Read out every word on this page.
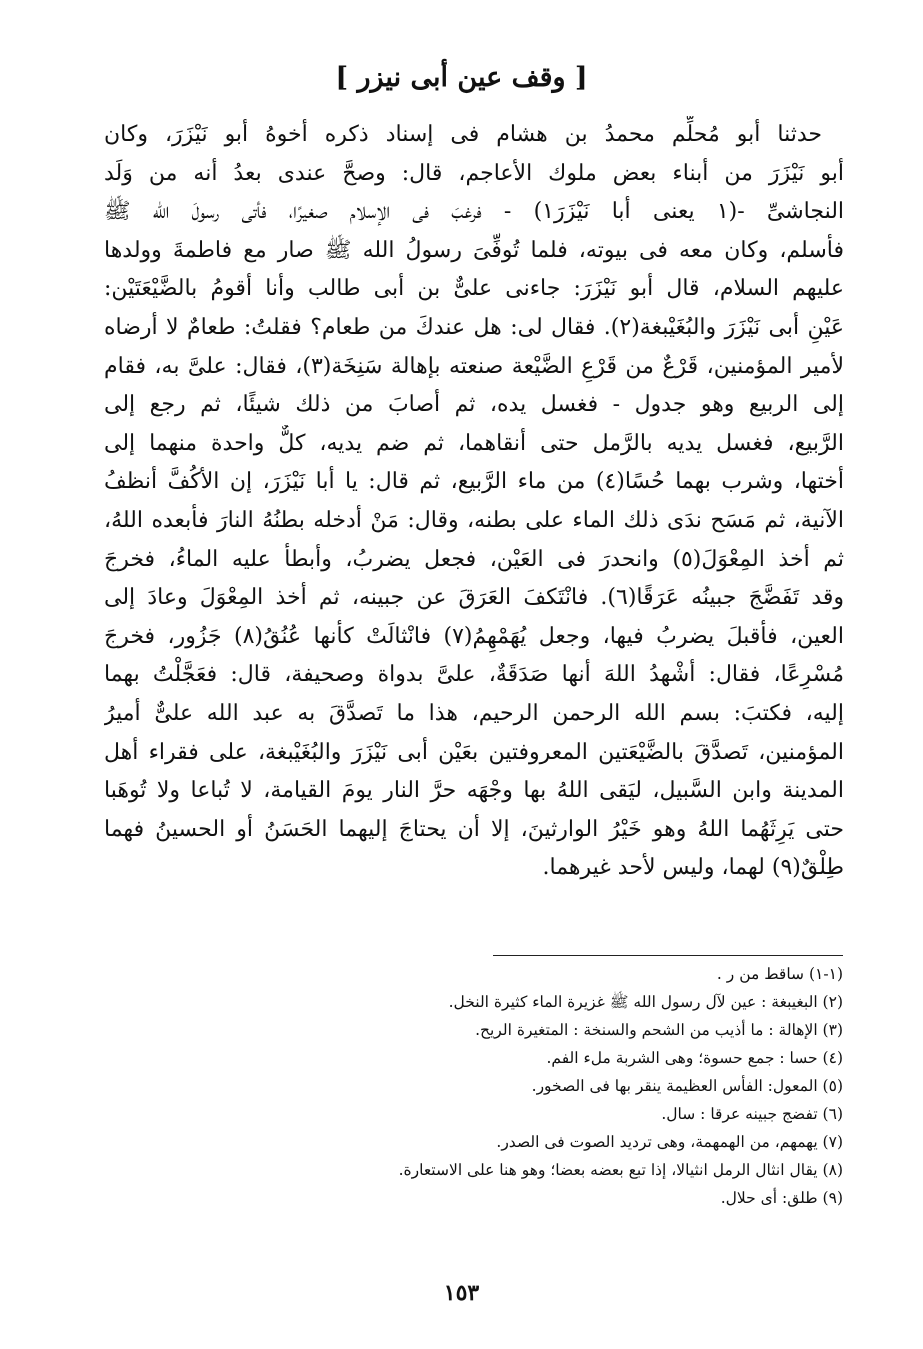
[ وقف عين أبى نيزر ]
حدثنا أبو مُحلِّم محمدُ بن هشام فى إسناد ذكره أخوهُ أبو نَيْزَرَ، وكان
أبو نَيْزَرَ من أبناء بعض ملوك الأعاجم، قال: وصحَّ عندى بعدُ أنه من وَلَد
النجاشىِّ -(١ يعنى أبا نَيْزَرَ١) - فرغبَ فى الإسلام صغيرًا، فأتى رسولَ الله ﷺ
فأسلم، وكان معه فى بيوته، فلما تُوفِّىَ رسولُ الله ﷺ صار مع فاطمةَ وولدها
عليهم السلام، قال أبو نَيْزَرَ: جاءنى علىٌّ بن أبى طالب وأنا أقومُ بالضَّيْعَتَيْن:
عَيْنِ أبى نَيْزَرَ والبُغَيْبغة(٢). فقال لى: هل عندكَ من طعام؟ فقلتُ: طعامٌ لا أرضاه
لأمير المؤمنين، قَرْعٌ من قَرْعِ الضَّيْعة صنعته بإهالة سَنِخَة(٣)، فقال: علىَّ به، فقام
إلى الربيع وهو جدول - فغسل يده، ثم أصابَ من ذلك شيئًا، ثم رجع إلى
الرَّبيع، فغسل يديه بالرَّمل حتى أنقاهما، ثم ضم يديه، كلٌّ واحدة منهما إلى
أختها، وشرب بهما حُسًا(٤) من ماء الرَّبيع، ثم قال: يا أبا نَيْزَرَ، إن الأكُفَّ أنظفُ
الآنية، ثم مَسَح ندَى ذلك الماء على بطنه، وقال: مَنْ أدخله بطنُهُ النارَ فأبعده اللهُ،
ثم أخذ المِعْوَلَ(٥) وانحدرَ فى العَيْن، فجعل يضربُ، وأبطأ عليه الماءُ، فخرجَ
وقد تَفَضَّجَ جبينُه عَرَقًا(٦). فانْتَكفَ العَرَقَ عن جبينه، ثم أخذ المِعْوَلَ وعادَ إلى
العين، فأقبلَ يضربُ فيها، وجعل يُهَمْهِمُ(٧) فانْثالَتْ كأنها عُنُقُ(٨) جَزُور، فخرجَ
مُسْرِعًا، فقال: أشْهدُ اللهَ أنها صَدَقَةٌ، علىَّ بدواة وصحيفة، قال: فعَجَّلْتُ بهما
إليه، فكتبَ: بسم الله الرحمن الرحيم، هذا ما تَصدَّقَ به عبد الله علىٌّ أميرُ
المؤمنين، تَصدَّقَ بالضَّيْعَتين المعروفتين بعَيْن أبى نَيْزَرَ والبُغَيْبغة، على فقراء أهل
المدينة وابن السَّبيل، ليَقى اللهُ بها وجْهَه حرَّ النار يومَ القيامة، لا تُباعا ولا تُوهَبا
حتى يَرِثَهُما اللهُ وهو خَيْرُ الوارثينَ، إلا أن يحتاجَ إليهما الحَسَنُ أو الحسينُ فهما
طِلْقٌ(٩) لهما، وليس لأحد غيرهما.
(١-١) ساقط من ر .
(٢) البغيبغة : عين لآل رسول الله ﷺ غزيرة الماء كثيرة النخل.
(٣) الإهالة : ما أذيب من الشحم والسنخة : المتغيرة الريح.
(٤) حسا : جمع حسوة؛ وهى الشربة ملء الفم.
(٥) المعول: الفأس العظيمة ينقر بها فى الصخور.
(٦) تفضج جبينه عرقا : سال.
(٧) يهمهم، من الهمهمة، وهى ترديد الصوت فى الصدر.
(٨) يقال انثال الرمل انثيالا، إذا تبع بعضه بعضا؛ وهو هنا على الاستعارة.
(٩) طلق: أى حلال.
١٥٣
